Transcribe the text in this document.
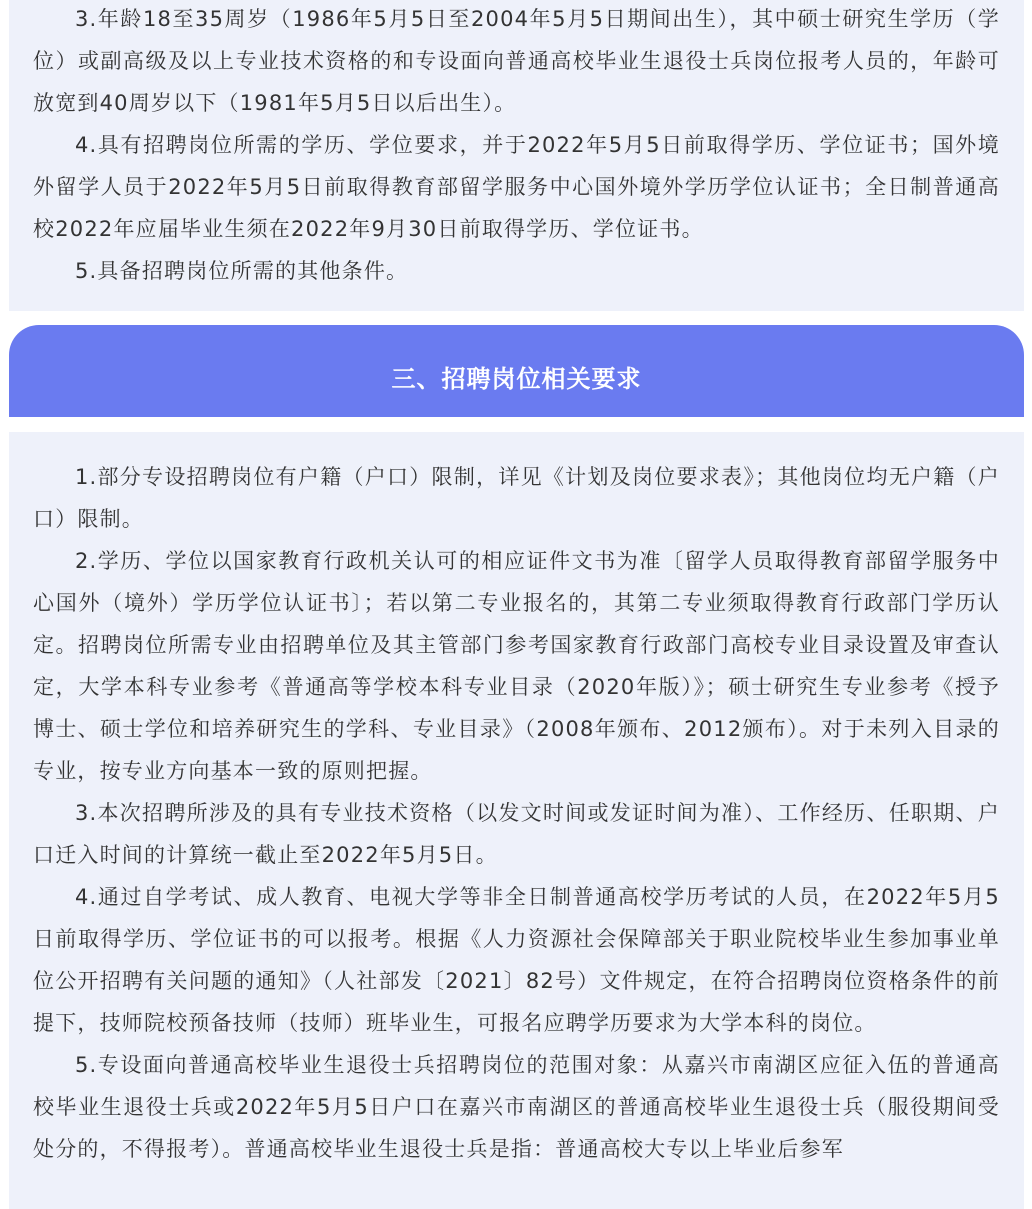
3.年龄18至35周岁（1986年5月5日至2004年5月5日期间出生），其中硕士研究生学历（学位）或副高级及以上专业技术资格的和专设面向普通高校毕业生退役士兵岗位报考人员的，年龄可放宽到40周岁以下（1981年5月5日以后出生）。

4.具有招聘岗位所需的学历、学位要求，并于2022年5月5日前取得学历、学位证书；国外境外留学人员于2022年5月5日前取得教育部留学服务中心国外境外学历学位认证书；全日制普通高校2022年应届毕业生须在2022年9月30日前取得学历、学位证书。

5.具备招聘岗位所需的其他条件。

三、招聘岗位相关要求

1.部分专设招聘岗位有户籍（户口）限制，详见《计划及岗位要求表》；其他岗位均无户籍（户口）限制。

2.学历、学位以国家教育行政机关认可的相应证件文书为准〔留学人员取得教育部留学服务中心国外（境外）学历学位认证书〕；若以第二专业报名的，其第二专业须取得教育行政部门学历认定。招聘岗位所需专业由招聘单位及其主管部门参考国家教育行政部门高校专业目录设置及审查认定，大学本科专业参考《普通高等学校本科专业目录（2020年版）》；硕士研究生专业参考《授予博士、硕士学位和培养研究生的学科、专业目录》（2008年颁布、2012颁布）。对于未列入目录的专业，按专业方向基本一致的原则把握。

3.本次招聘所涉及的具有专业技术资格（以发文时间或发证时间为准）、工作经历、任职期、户口迁入时间的计算统一截止至2022年5月5日。

4.通过自学考试、成人教育、电视大学等非全日制普通高校学历考试的人员，在2022年5月5日前取得学历、学位证书的可以报考。根据《人力资源社会保障部关于职业院校毕业生参加事业单位公开招聘有关问题的通知》（人社部发〔2021〕82号）文件规定，在符合招聘岗位资格条件的前提下，技师院校预备技师（技师）班毕业生，可报名应聘学历要求为大学本科的岗位。

5.专设面向普通高校毕业生退役士兵招聘岗位的范围对象：从嘉兴市南湖区应征入伍的普通高校毕业生退役士兵或2022年5月5日户口在嘉兴市南湖区的普通高校毕业生退役士兵（服役期间受处分的，不得报考）。普通高校毕业生退役士兵是指：普通高校大专以上毕业后参军
